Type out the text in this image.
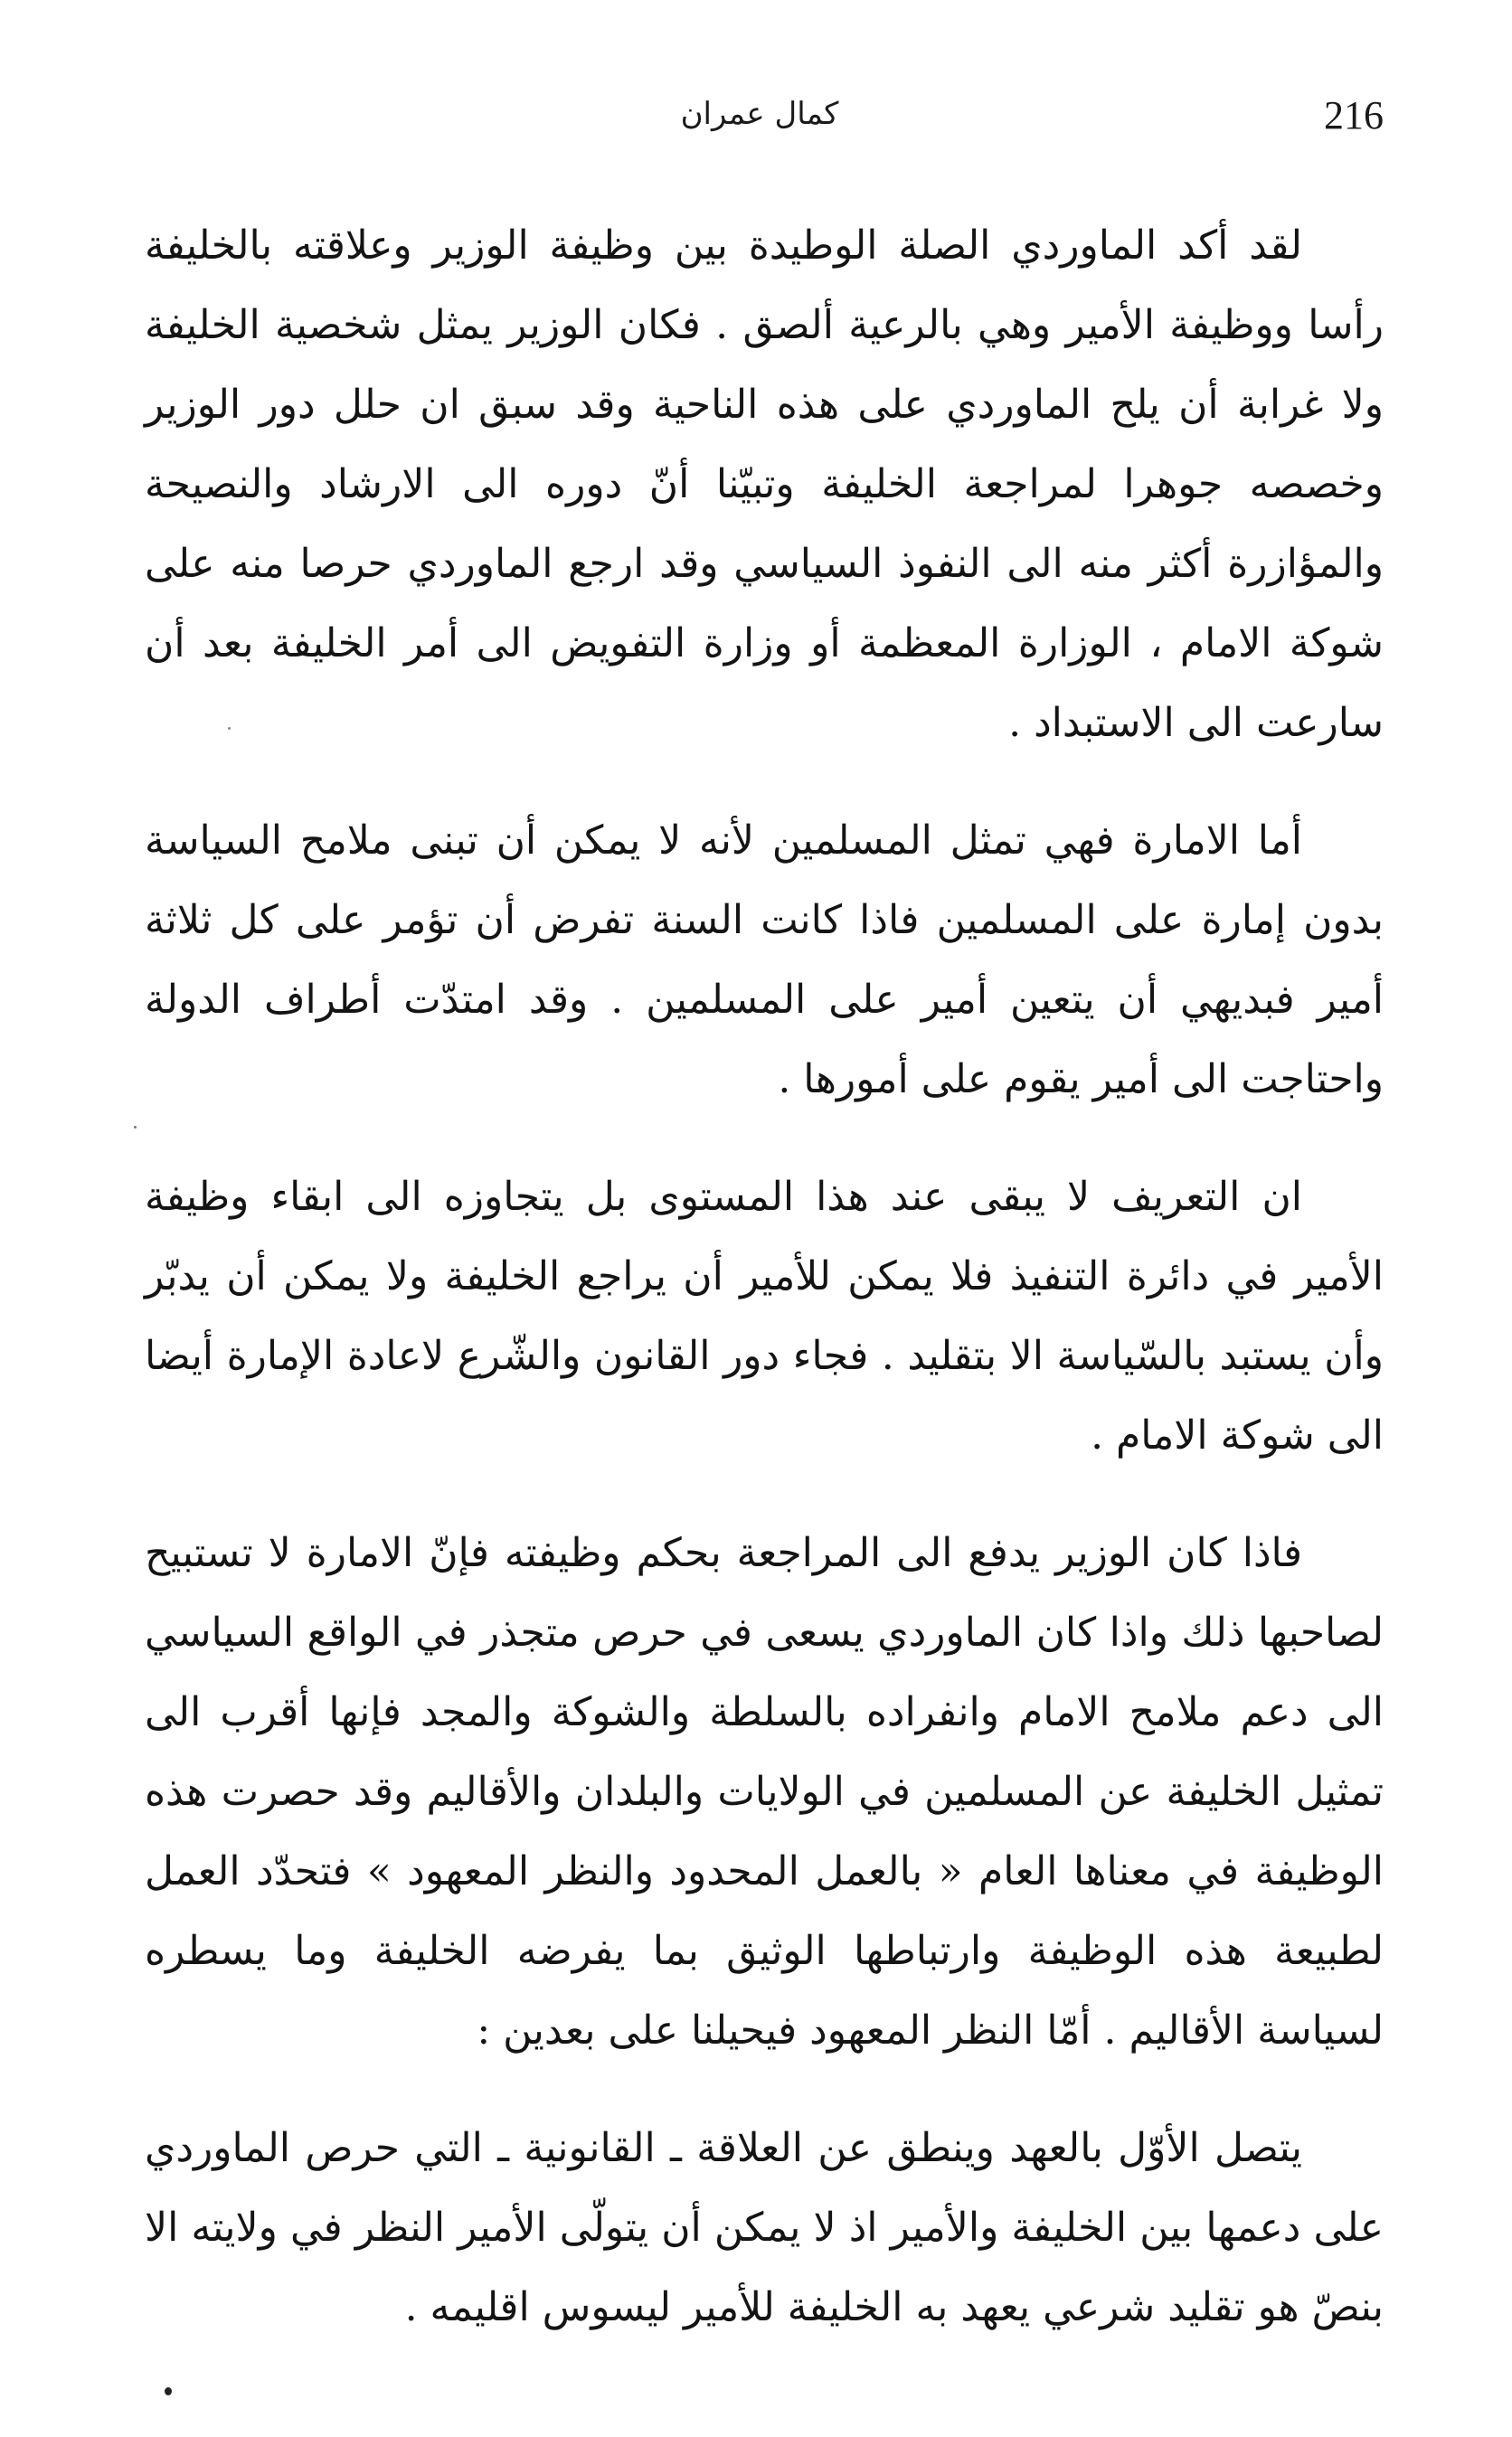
كمال عمران	216

لقد أكد الماوردي الصلة الوطيدة بين وظيفة الوزير وعلاقته بالخليفة رأسا ووظيفة الأمير وهي بالرعية ألصق . فكان الوزير يمثل شخصية الخليفة ولا غرابة أن يلح الماوردي على هذه الناحية وقد سبق ان حلل دور الوزير وخصصه جوهرا لمراجعة الخليفة وتبيّنا أنّ دوره الى الارشاد والنصيحة والمؤازرة أكثر منه الى النفوذ السياسي وقد ارجع الماوردي حرصا منه على شوكة الامام ، الوزارة المعظمة أو وزارة التفويض الى أمر الخليفة بعد أن سارعت الى الاستبداد .

أما الامارة فهي تمثل المسلمين لأنه لا يمكن أن تبنى ملامح السياسة بدون إمارة على المسلمين فاذا كانت السنة تفرض أن تؤمر على كل ثلاثة أمير فبديهي أن يتعين أمير على المسلمين . وقد امتدّت أطراف الدولة واحتاجت الى أمير يقوم على أمورها .

ان التعريف لا يبقى عند هذا المستوى بل يتجاوزه الى ابقاء وظيفة الأمير في دائرة التنفيذ فلا يمكن للأمير أن يراجع الخليفة ولا يمكن أن يدبّر وأن يستبد بالسّياسة الا بتقليد . فجاء دور القانون والشّرع لاعادة الإمارة أيضا الى شوكة الامام .

فاذا كان الوزير يدفع الى المراجعة بحكم وظيفته فإنّ الامارة لا تستبيح لصاحبها ذلك واذا كان الماوردي يسعى في حرص متجذر في الواقع السياسي الى دعم ملامح الامام وانفراده بالسلطة والشوكة والمجد فإنها أقرب الى تمثيل الخليفة عن المسلمين في الولايات والبلدان والأقاليم وقد حصرت هذه الوظيفة في معناها العام « بالعمل المحدود والنظر المعهود » فتحدّد العمل لطبيعة هذه الوظيفة وارتباطها الوثيق بما يفرضه الخليفة وما يسطره لسياسة الأقاليم . أمّا النظر المعهود فيحيلنا على بعدين :

يتصل الأوّل بالعهد وينطق عن العلاقة ـ القانونية ـ التي حرص الماوردي على دعمها بين الخليفة والأمير اذ لا يمكن أن يتولّى الأمير النظر في ولايته الا بنصّ هو تقليد شرعي يعهد به الخليفة للأمير ليسوس اقليمه .
